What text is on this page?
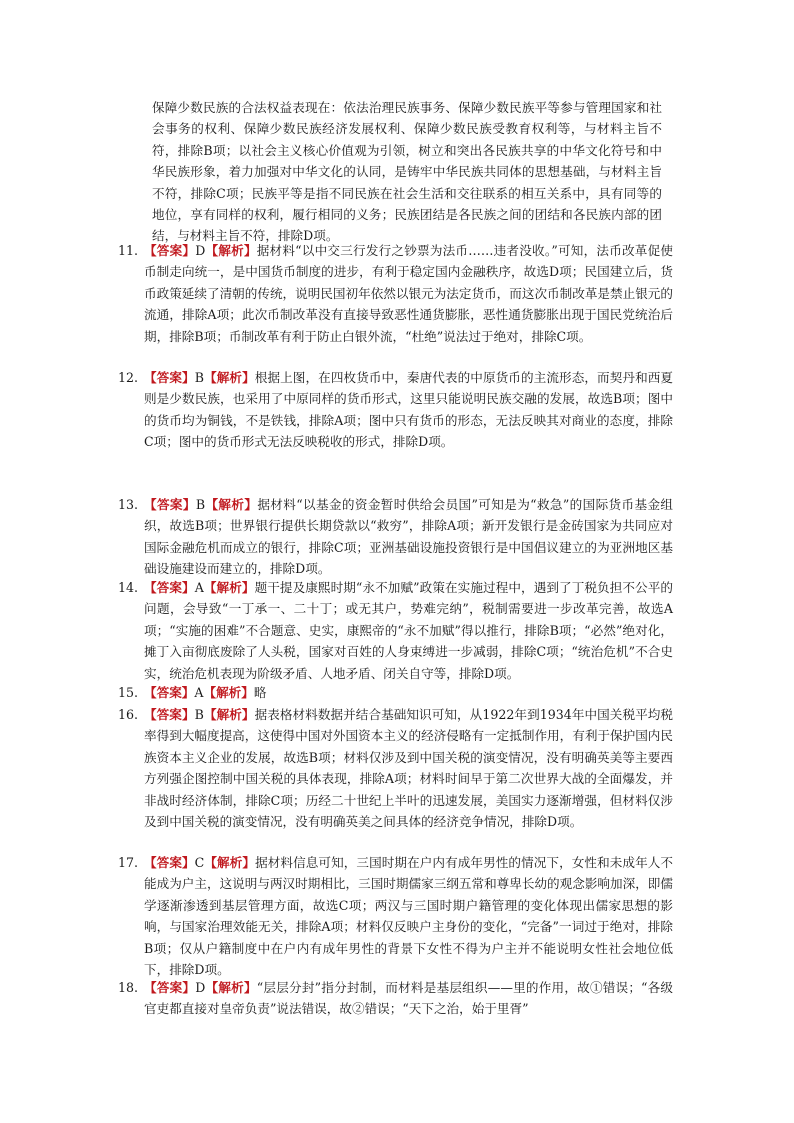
保障少数民族的合法权益表现在：依法治理民族事务、保障少数民族平等参与管理国家和社会事务的权利、保障少数民族经济发展权利、保障少数民族受教育权利等，与材料主旨不符，排除B项；以社会主义核心价值观为引领，树立和突出各民族共享的中华文化符号和中华民族形象，着力加强对中华文化的认同，是铸牢中华民族共同体的思想基础，与材料主旨不符，排除C项；民族平等是指不同民族在社会生活和交往联系的相互关系中，具有同等的地位，享有同样的权利，履行相同的义务；民族团结是各民族之间的团结和各民族内部的团结，与材料主旨不符，排除D项。
11. 【答案】D【解析】据材料“以中交三行发行之钞票为法币……违者没收。”可知，法币改革促使币制走向统一，是中国货币制度的进步，有利于稳定国内金融秩序，故选D项；民国建立后，货币政策延续了清朝的传统，说明民国初年依然以银元为法定货币，而这次币制改革是禁止银元的流通，排除A项；此次币制改革没有直接导致恶性通货膨胀，恶性通货膨胀出现于国民党统治后期，排除B项；币制改革有利于防止白银外流，“杜绝”说法过于绝对，排除C项。
12. 【答案】B【解析】根据上图，在四枚货币中，秦唐代表的中原货币的主流形态，而契丹和西夏则是少数民族，也采用了中原同样的货币形式，这里只能说明民族交融的发展，故选B项；图中的货币均为铜钱，不是铁钱，排除A项；图中只有货币的形态，无法反映其对商业的态度，排除C项；图中的货币形式无法反映税收的形式，排除D项。
13. 【答案】B【解析】据材料“以基金的资金暂时供给会员国”可知是为“救急”的国际货币基金组织，故选B项；世界银行提供长期贷款以“救穷”，排除A项；新开发银行是金砖国家为共同应对国际金融危机而成立的银行，排除C项；亚洲基础设施投资银行是中国倡议建立的为亚洲地区基础设施建设而建立的，排除D项。
14. 【答案】A【解析】题干提及康熙时期“永不加赋”政策在实施过程中，遇到了丁税负担不公平的问题，会导致“一丁承一、二十丁；或无其户，势难完纳”，税制需要进一步改革完善，故选A项；“实施的困难”不合题意、史实，康熙帝的“永不加赋”得以推行，排除B项；“必然”绝对化，摊丁入亩彻底废除了人头税，国家对百姓的人身束缚进一步减弱，排除C项；“统治危机”不合史实，统治危机表现为阶级矛盾、人地矛盾、闭关自守等，排除D项。
15. 【答案】A【解析】略
16. 【答案】B【解析】据表格材料数据并结合基础知识可知，从1922年到1934年中国关税平均税率得到大幅度提高，这使得中国对外国资本主义的经济侵略有一定抵制作用，有利于保护国内民族资本主义企业的发展，故选B项；材料仅涉及到中国关税的演变情况，没有明确英美等主要西方列强企图控制中国关税的具体表现，排除A项；材料时间早于第二次世界大战的全面爆发，并非战时经济体制，排除C项；历经二十世纪上半叶的迅速发展，美国实力逐渐增强，但材料仅涉及到中国关税的演变情况，没有明确英美之间具体的经济竞争情况，排除D项。
17. 【答案】C【解析】据材料信息可知，三国时期在户内有成年男性的情况下，女性和未成年人不能成为户主，这说明与两汉时期相比，三国时期儒家三纲五常和尊卑长幼的观念影响加深，即儒学逐渐渗透到基层管理方面，故选C项；两汉与三国时期户籍管理的变化体现出儒家思想的影响，与国家治理效能无关，排除A项；材料仅反映户主身份的变化，“完备”一词过于绝对，排除B项；仅从户籍制度中在户内有成年男性的背景下女性不得为户主并不能说明女性社会地位低下，排除D项。
18. 【答案】D【解析】“层层分封”指分封制，而材料是基层组织——里的作用，故①错误；“各级官吏都直接对皇帝负责”说法错误，故②错误；“天下之治，始于里胥”
